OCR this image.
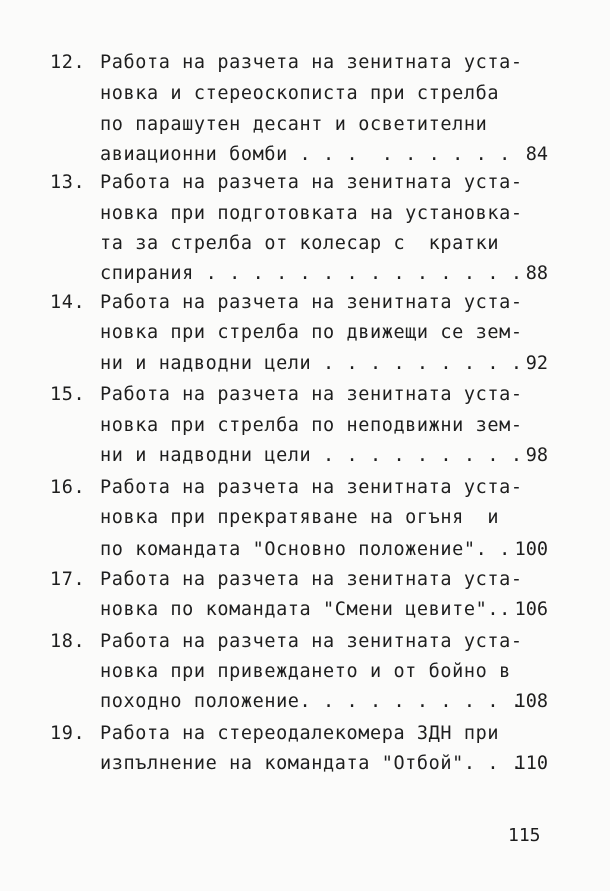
12. Работа на разчета на зенитната уста-
новка и стереоскописта при стрелба
по парашутен десант и осветителни
авиационни бомби . . .  . . . . . . 84
13. Работа на разчета на зенитната уста-
новка при подготовката на установка-
та за стрелба от колесар с  кратки
спирания . . . . . . . . . . . . . . 88
14. Работа на разчета на зенитната уста-
новка при стрелба по движещи се зем-
ни и надводни цели . . . . . . . . . 92
15. Работа на разчета на зенитната уста-
новка при стрелба по неподвижни зем-
ни и надводни цели . . . . . . . . . 98
16. Работа на разчета на зенитната уста-
новка при прекратяване на огъня  и
по командата "Основно положение". . 100
17. Работа на разчета на зенитната уста-
новка по командата "Смени цевите".. 106
18. Работа на разчета на зенитната уста-
новка при привеждането и от бойно в
походно положение. . . . . . . . . .
108
19. Работа на стереодалекомера ЗДН при
изпълнение на командата "Отбой". . .
110
115
